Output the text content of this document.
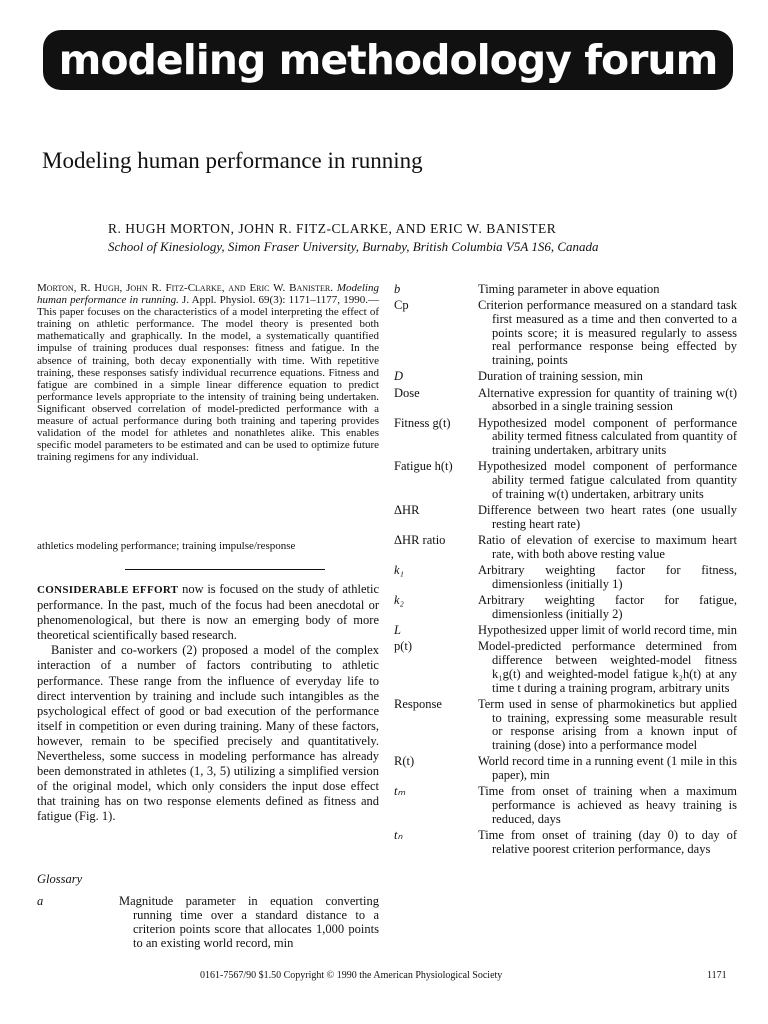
modeling methodology forum
Modeling human performance in running
R. HUGH MORTON, JOHN R. FITZ-CLARKE, AND ERIC W. BANISTER
School of Kinesiology, Simon Fraser University, Burnaby, British Columbia V5A 1S6, Canada
Morton, R. Hugh, John R. Fitz-Clarke, and Eric W. Banister. Modeling human performance in running. J. Appl. Physiol. 69(3): 1171–1177, 1990.—This paper focuses on the characteristics of a model interpreting the effect of training on athletic performance. The model theory is presented both mathematically and graphically. In the model, a systematically quantified impulse of training produces dual responses: fitness and fatigue. In the absence of training, both decay exponentially with time. With repetitive training, these responses satisfy individual recurrence equations. Fitness and fatigue are combined in a simple linear difference equation to predict performance levels appropriate to the intensity of training being undertaken. Significant observed correlation of model-predicted performance with a measure of actual performance during both training and tapering provides validation of the model for athletes and nonathletes alike. This enables specific model parameters to be estimated and can be used to optimize future training regimens for any individual.
athletics modeling performance; training impulse/response

CONSIDERABLE EFFORT now is focused on the study of athletic performance. In the past, much of the focus had been anecdotal or phenomenological, but there is now an emerging body of more theoretical scientifically based research.

Banister and co-workers (2) proposed a model of the complex interaction of a number of factors contributing to athletic performance. These range from the influence of everyday life to direct intervention by training and include such intangibles as the psychological effect of good or bad execution of the performance itself in competition or even during training. Many of these factors, however, remain to be specified precisely and quantitatively. Nevertheless, some success in modeling performance has already been demonstrated in athletes (1, 3, 5) utilizing a simplified version of the original model, which only considers the input dose effect that training has on two response elements defined as fitness and fatigue (Fig. 1).

Glossary
a	Magnitude parameter in equation converting running time over a standard distance to a criterion points score that allocates 1,000 points to an existing world record, min
b	Timing parameter in above equation
Cp	Criterion performance measured on a standard task first measured as a time and then converted to a points score; it is measured regularly to assess real performance response being effected by training, points
D	Duration of training session, min
Dose	Alternative expression for quantity of training w(t) absorbed in a single training session
Fitness g(t)	Hypothesized model component of performance ability termed fitness calculated from quantity of training undertaken, arbitrary units
Fatigue h(t)	Hypothesized model component of performance ability termed fatigue calculated from quantity of training w(t) undertaken, arbitrary units
ΔHR	Difference between two heart rates (one usually resting heart rate)
ΔHR ratio	Ratio of elevation of exercise to maximum heart rate, with both above resting value
k₁	Arbitrary weighting factor for fitness, dimensionless (initially 1)
k₂	Arbitrary weighting factor for fatigue, dimensionless (initially 2)
L	Hypothesized upper limit of world record time, min
p(t)	Model-predicted performance determined from difference between weighted-model fitness k₁g(t) and weighted-model fatigue k₂h(t) at any time t during a training program, arbitrary units
Response	Term used in sense of pharmokinetics but applied to training, expressing some measurable result or response arising from a known input of training (dose) into a performance model
R(t)	World record time in a running event (1 mile in this paper), min
tₘ	Time from onset of training when a maximum performance is achieved as heavy training is reduced, days
tₙ	Time from onset of training (day 0) to day of relative poorest criterion performance, days
0161-7567/90 $1.50 Copyright © 1990 the American Physiological Society	1171
